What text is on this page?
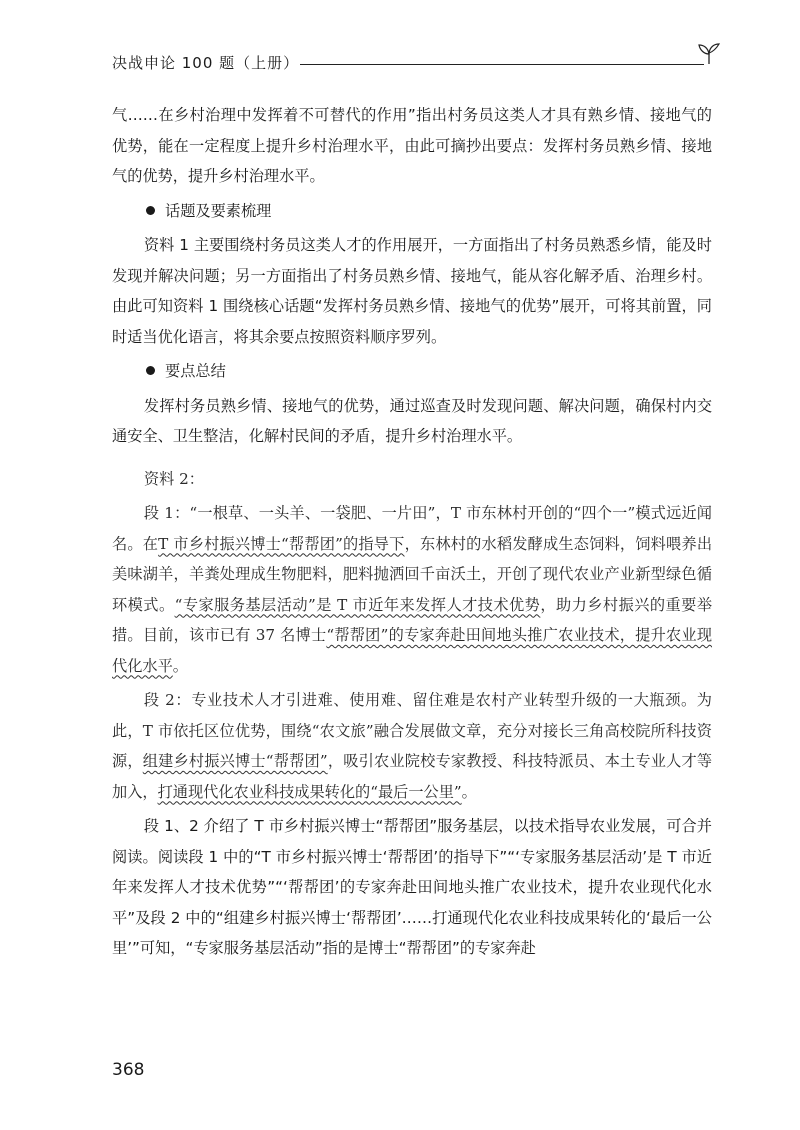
决战申论 100 题（上册）

气……在乡村治理中发挥着不可替代的作用”指出村务员这类人才具有熟乡情、接地气的优势，能在一定程度上提升乡村治理水平，由此可摘抄出要点：发挥村务员熟乡情、接地气的优势，提升乡村治理水平。

话题及要素梳理

资料 1 主要围绕村务员这类人才的作用展开，一方面指出了村务员熟悉乡情，能及时发现并解决问题；另一方面指出了村务员熟乡情、接地气，能从容化解矛盾、治理乡村。由此可知资料 1 围绕核心话题“发挥村务员熟乡情、接地气的优势”展开，可将其前置，同时适当优化语言，将其余要点按照资料顺序罗列。

要点总结

发挥村务员熟乡情、接地气的优势，通过巡查及时发现问题、解决问题，确保村内交通安全、卫生整洁，化解村民间的矛盾，提升乡村治理水平。

资料 2：

段 1：“一根草、一头羊、一袋肥、一片田”，T 市东林村开创的“四个一”模式远近闻名。在T 市乡村振兴博士“帮帮团”的指导下，东林村的水稻发酵成生态饲料，饲料喂养出美味湖羊，羊粪处理成生物肥料，肥料抛洒回千亩沃土，开创了现代农业产业新型绿色循环模式。“专家服务基层活动”是 T 市近年来发挥人才技术优势，助力乡村振兴的重要举措。目前，该市已有 37 名博士“帮帮团”的专家奔赴田间地头推广农业技术，提升农业现代化水平。

段 2：专业技术人才引进难、使用难、留住难是农村产业转型升级的一大瓶颈。为此，T 市依托区位优势，围绕“农文旅”融合发展做文章，充分对接长三角高校院所科技资源，组建乡村振兴博士“帮帮团”，吸引农业院校专家教授、科技特派员、本土专业人才等加入，打通现代化农业科技成果转化的“最后一公里”。

段 1、2 介绍了 T 市乡村振兴博士“帮帮团”服务基层，以技术指导农业发展，可合并阅读。阅读段 1 中的“T 市乡村振兴博士‘帮帮团’的指导下”“‘专家服务基层活动’是 T 市近年来发挥人才技术优势”“‘帮帮团’的专家奔赴田间地头推广农业技术，提升农业现代化水平”及段 2 中的“组建乡村振兴博士‘帮帮团’……打通现代化农业科技成果转化的‘最后一公里’”可知，“专家服务基层活动”指的是博士“帮帮团”的专家奔赴

368
